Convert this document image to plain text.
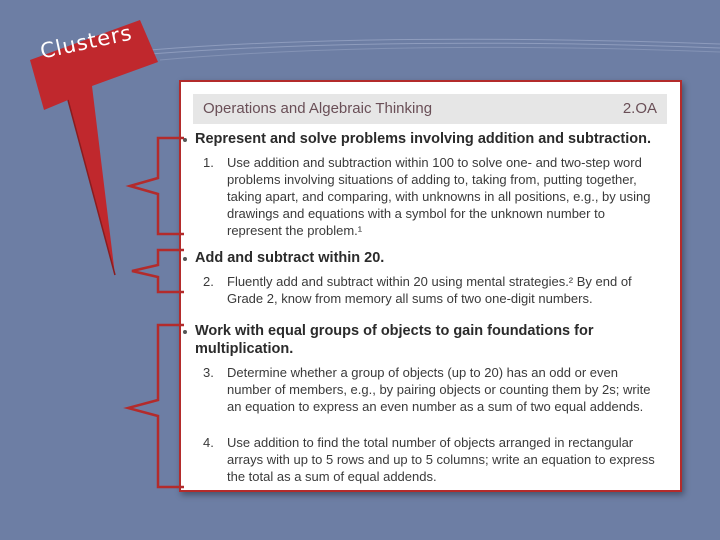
Clusters
Operations and Algebraic Thinking	2.OA
Represent and solve problems involving addition and subtraction.
1. Use addition and subtraction within 100 to solve one- and two-step word problems involving situations of adding to, taking from, putting together, taking apart, and comparing, with unknowns in all positions, e.g., by using drawings and equations with a symbol for the unknown number to represent the problem.¹
Add and subtract within 20.
2. Fluently add and subtract within 20 using mental strategies.² By end of Grade 2, know from memory all sums of two one-digit numbers.
Work with equal groups of objects to gain foundations for multiplication.
3. Determine whether a group of objects (up to 20) has an odd or even number of members, e.g., by pairing objects or counting them by 2s; write an equation to express an even number as a sum of two equal addends.
4. Use addition to find the total number of objects arranged in rectangular arrays with up to 5 rows and up to 5 columns; write an equation to express the total as a sum of equal addends.
